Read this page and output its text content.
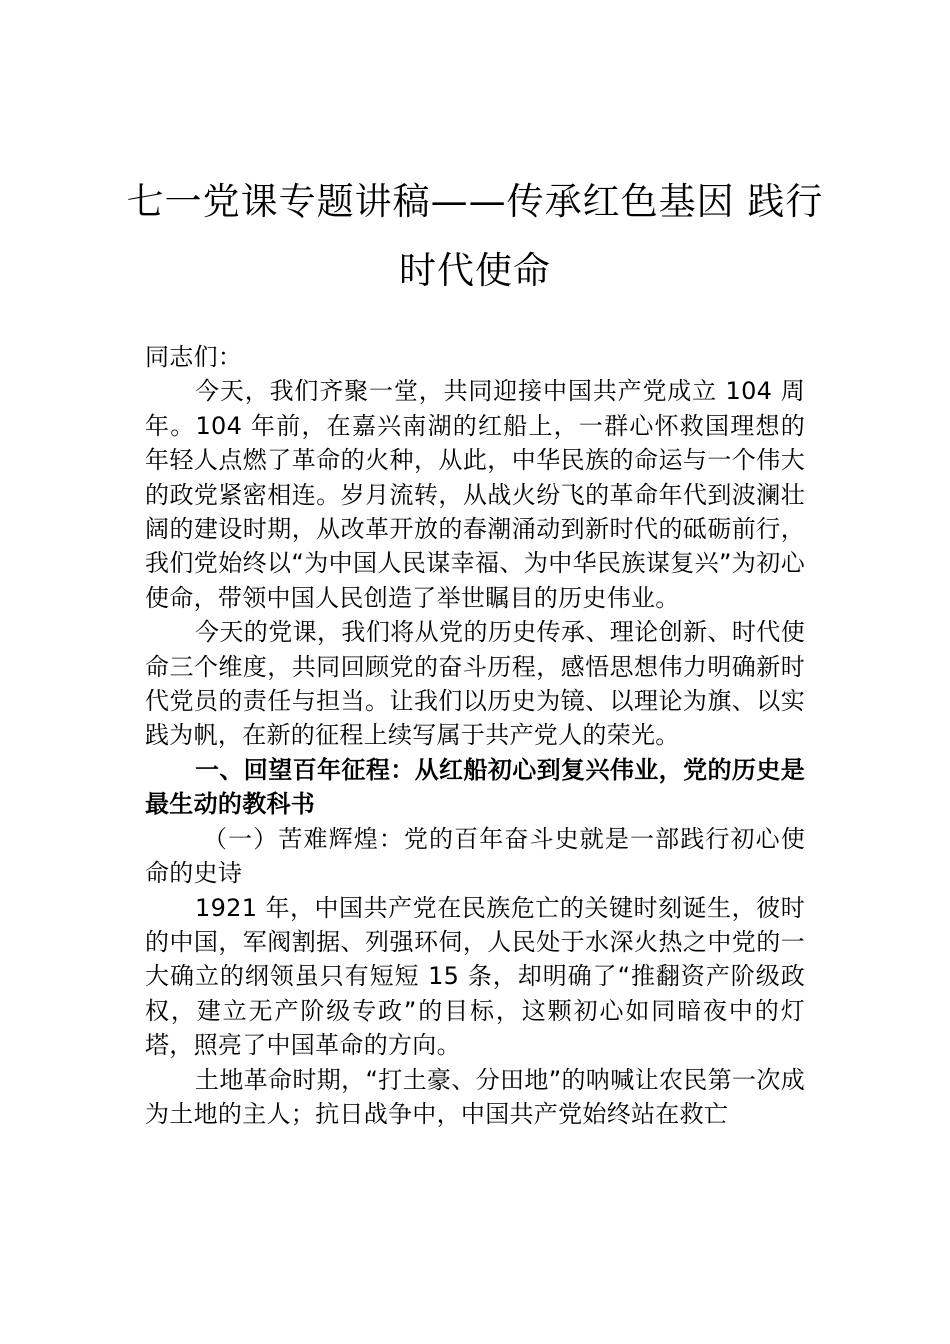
七一党课专题讲稿——传承红色基因 践行
时代使命

同志们：

今天，我们齐聚一堂，共同迎接中国共产党成立 104 周年。104 年前，在嘉兴南湖的红船上，一群心怀救国理想的年轻人点燃了革命的火种，从此，中华民族的命运与一个伟大的政党紧密相连。岁月流转，从战火纷飞的革命年代到波澜壮阔的建设时期，从改革开放的春潮涌动到新时代的砥砺前行，我们党始终以“为中国人民谋幸福、为中华民族谋复兴”为初心使命，带领中国人民创造了举世瞩目的历史伟业。

今天的党课，我们将从党的历史传承、理论创新、时代使命三个维度，共同回顾党的奋斗历程，感悟思想伟力明确新时代党员的责任与担当。让我们以历史为镜、以理论为旗、以实践为帆，在新的征程上续写属于共产党人的荣光。

一、回望百年征程：从红船初心到复兴伟业，党的历史是最生动的教科书

（一）苦难辉煌：党的百年奋斗史就是一部践行初心使命的史诗

1921 年，中国共产党在民族危亡的关键时刻诞生，彼时的中国，军阀割据、列强环伺，人民处于水深火热之中党的一大确立的纲领虽只有短短 15 条，却明确了“推翻资产阶级政权，建立无产阶级专政”的目标，这颗初心如同暗夜中的灯塔，照亮了中国革命的方向。

土地革命时期，“打土豪、分田地”的呐喊让农民第一次成为土地的主人；抗日战争中，中国共产党始终站在救亡
